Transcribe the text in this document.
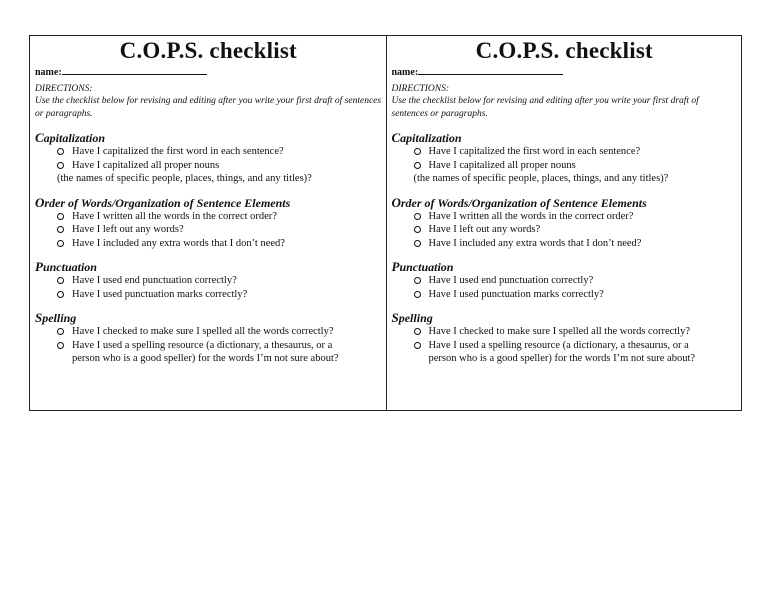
C.O.P.S. checklist
name:
DIRECTIONS:
Use the checklist below for revising and editing after you write your first draft of sentences or paragraphs.
Capitalization
Have I capitalized the first word in each sentence?
Have I capitalized all proper nouns
(the names of specific people, places, things, and any titles)?
Order of Words/Organization of Sentence Elements
Have I written all the words in the correct order?
Have I left out any words?
Have I included any extra words that I don’t need?
Punctuation
Have I used end punctuation correctly?
Have I used punctuation marks correctly?
Spelling
Have I checked to make sure I spelled all the words correctly?
Have I used a spelling resource (a dictionary, a thesaurus, or a
person who is a good speller) for the words I’m not sure about?
C.O.P.S. checklist
name:
DIRECTIONS:
Use the checklist below for revising and editing after you write your first draft of sentences or paragraphs.
Capitalization
Have I capitalized the first word in each sentence?
Have I capitalized all proper nouns
(the names of specific people, places, things, and any titles)?
Order of Words/Organization of Sentence Elements
Have I written all the words in the correct order?
Have I left out any words?
Have I included any extra words that I don’t need?
Punctuation
Have I used end punctuation correctly?
Have I used punctuation marks correctly?
Spelling
Have I checked to make sure I spelled all the words correctly?
Have I used a spelling resource (a dictionary, a thesaurus, or a
person who is a good speller) for the words I’m not sure about?
